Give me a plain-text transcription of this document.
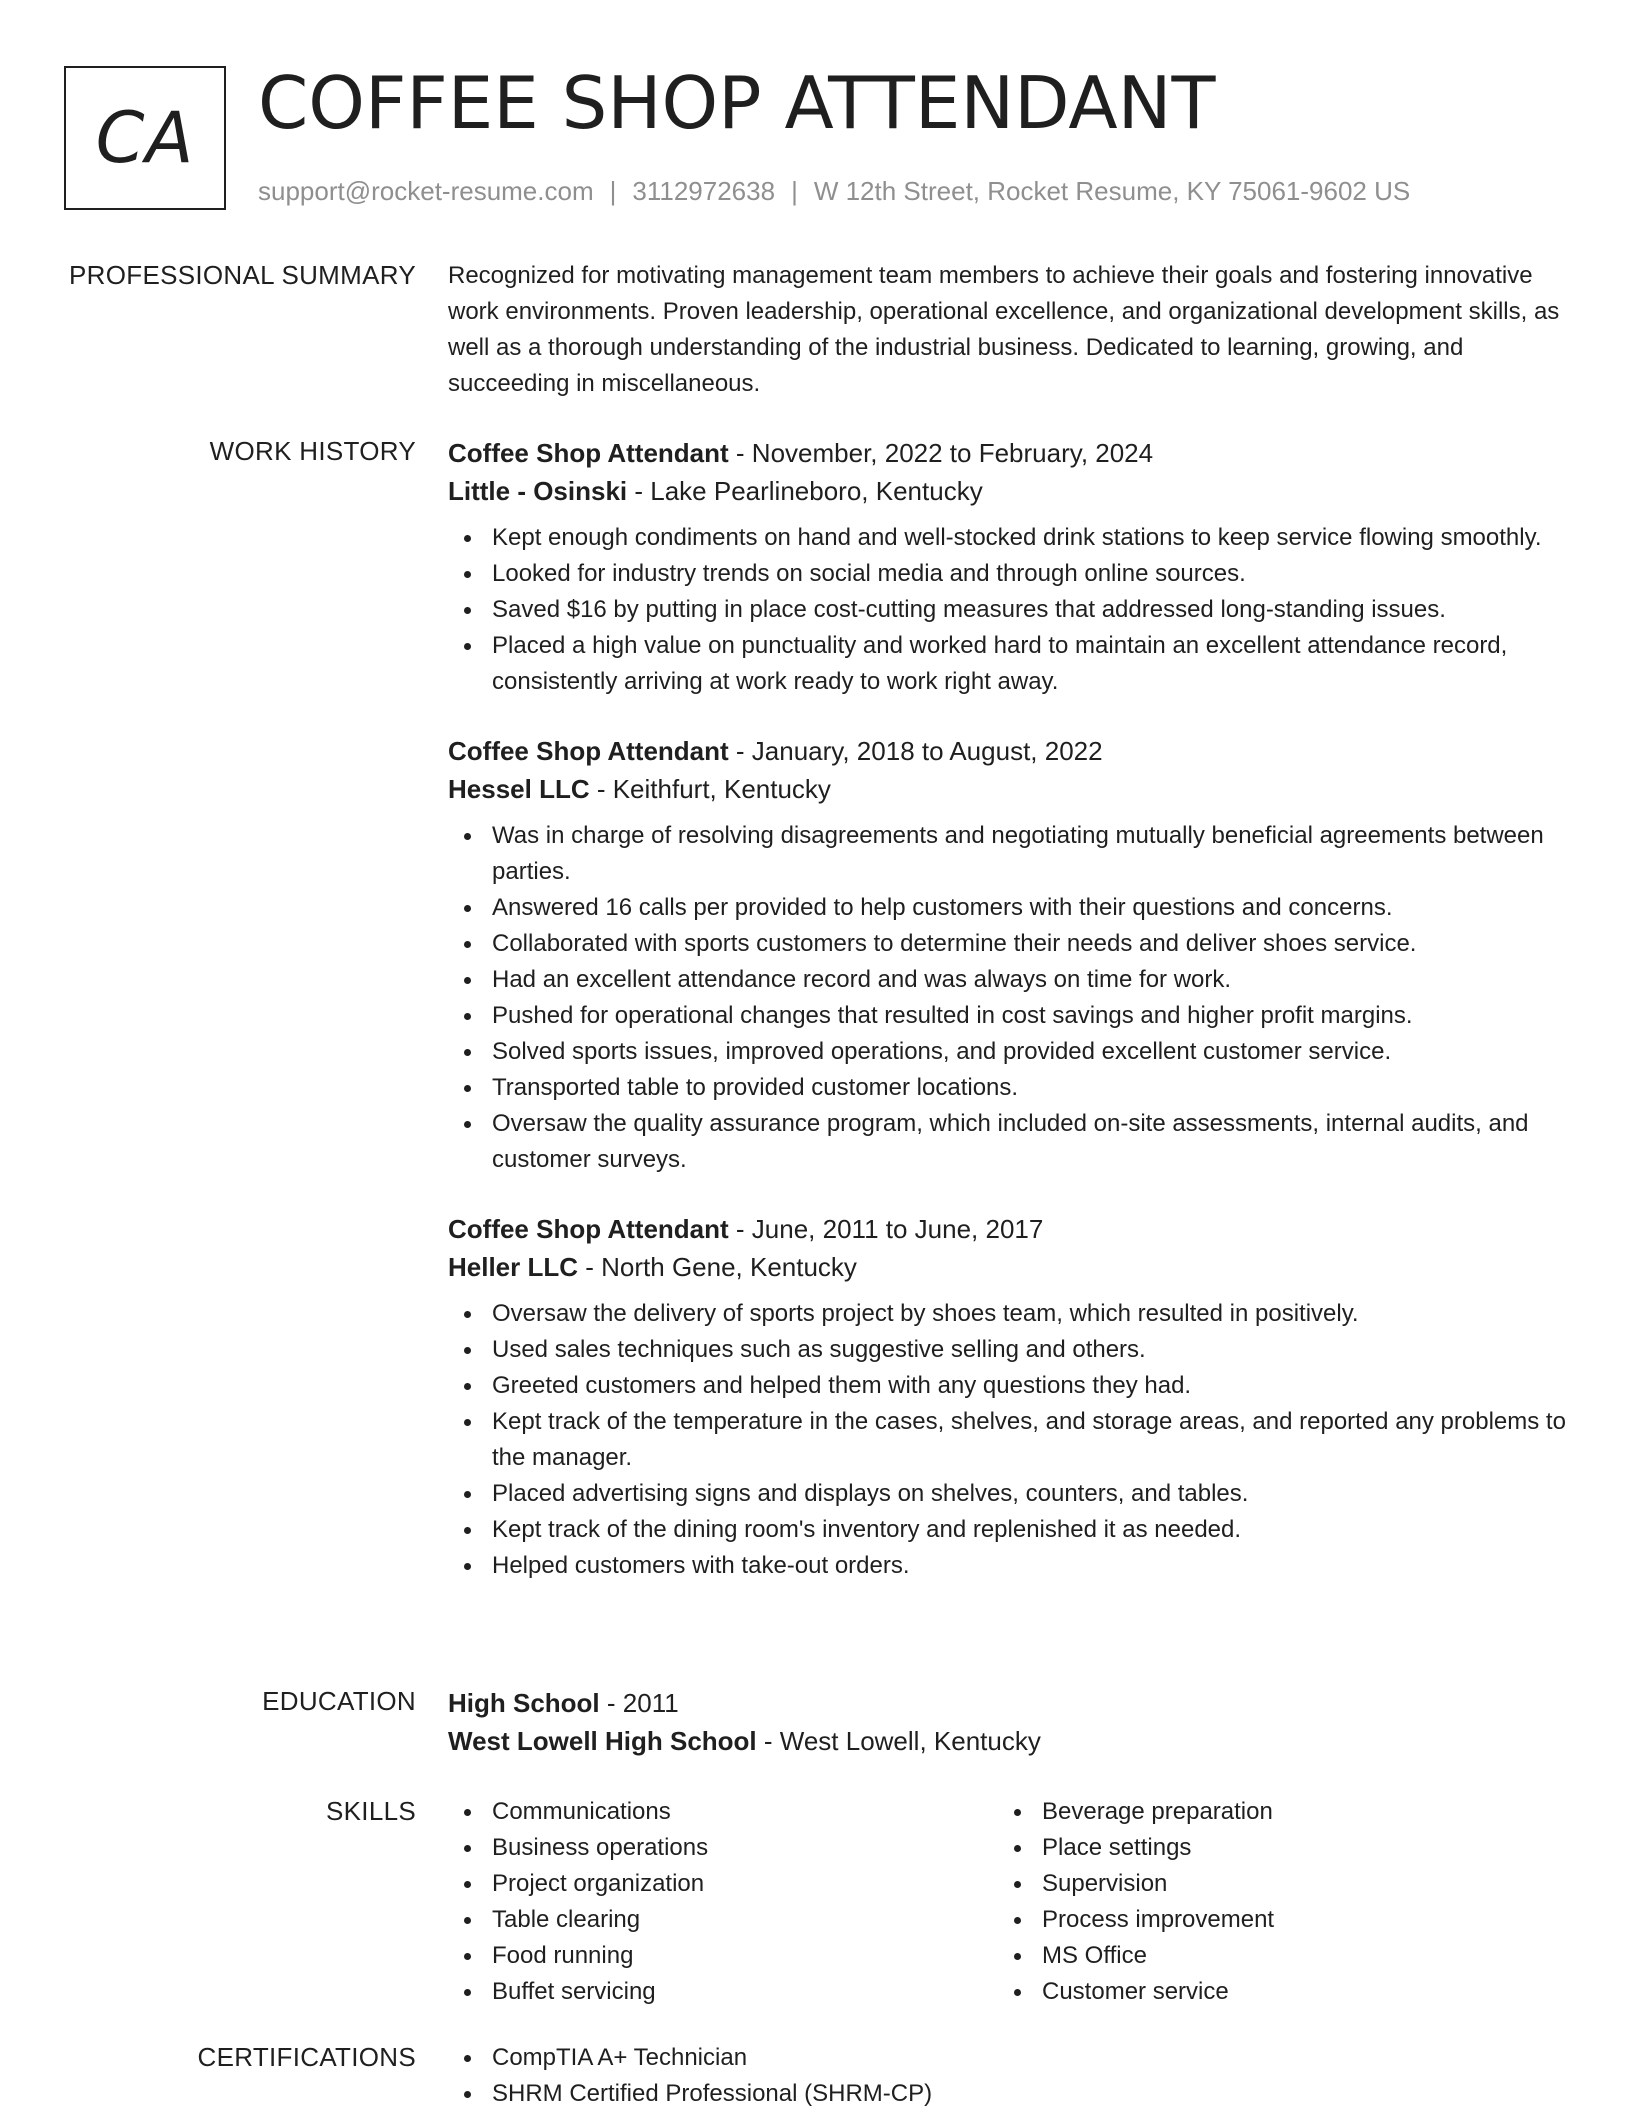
CA COFFEE SHOP ATTENDANT
support@rocket-resume.com | 3112972638 | W 12th Street, Rocket Resume, KY 75061-9602 US
PROFESSIONAL SUMMARY Recognized for motivating management team members to achieve their goals and fostering innovative work environments. Proven leadership, operational excellence, and organizational development skills, as well as a thorough understanding of the industrial business. Dedicated to learning, growing, and succeeding in miscellaneous.

WORK HISTORY Coffee Shop Attendant - November, 2022 to February, 2024
Little - Osinski - Lake Pearlineboro, Kentucky
Kept enough condiments on hand and well-stocked drink stations to keep service flowing smoothly.
Looked for industry trends on social media and through online sources.
Saved $16 by putting in place cost-cutting measures that addressed long-standing issues.
Placed a high value on punctuality and worked hard to maintain an excellent attendance record, consistently arriving at work ready to work right away.
Coffee Shop Attendant - January, 2018 to August, 2022
Hessel LLC - Keithfurt, Kentucky
Was in charge of resolving disagreements and negotiating mutually beneficial agreements between parties.
Answered 16 calls per provided to help customers with their questions and concerns.
Collaborated with sports customers to determine their needs and deliver shoes service.
Had an excellent attendance record and was always on time for work.
Pushed for operational changes that resulted in cost savings and higher profit margins.
Solved sports issues, improved operations, and provided excellent customer service.
Transported table to provided customer locations.
Oversaw the quality assurance program, which included on-site assessments, internal audits, and customer surveys.
Coffee Shop Attendant - June, 2011 to June, 2017
Heller LLC - North Gene, Kentucky
Oversaw the delivery of sports project by shoes team, which resulted in positively.
Used sales techniques such as suggestive selling and others.
Greeted customers and helped them with any questions they had.
Kept track of the temperature in the cases, shelves, and storage areas, and reported any problems to the manager.
Placed advertising signs and displays on shelves, counters, and tables.
Kept track of the dining room's inventory and replenished it as needed.
Helped customers with take-out orders.
EDUCATION High School - 2011
West Lowell High School - West Lowell, Kentucky
SKILLS	Communications
Business operations
Project organization
Table clearing
Food running
Buffet servicing
Beverage preparation
Place settings
Supervision
Process improvement
MS Office
Customer service
CERTIFICATIONS	CompTIA A+ Technician
SHRM Certified Professional (SHRM-CP)
